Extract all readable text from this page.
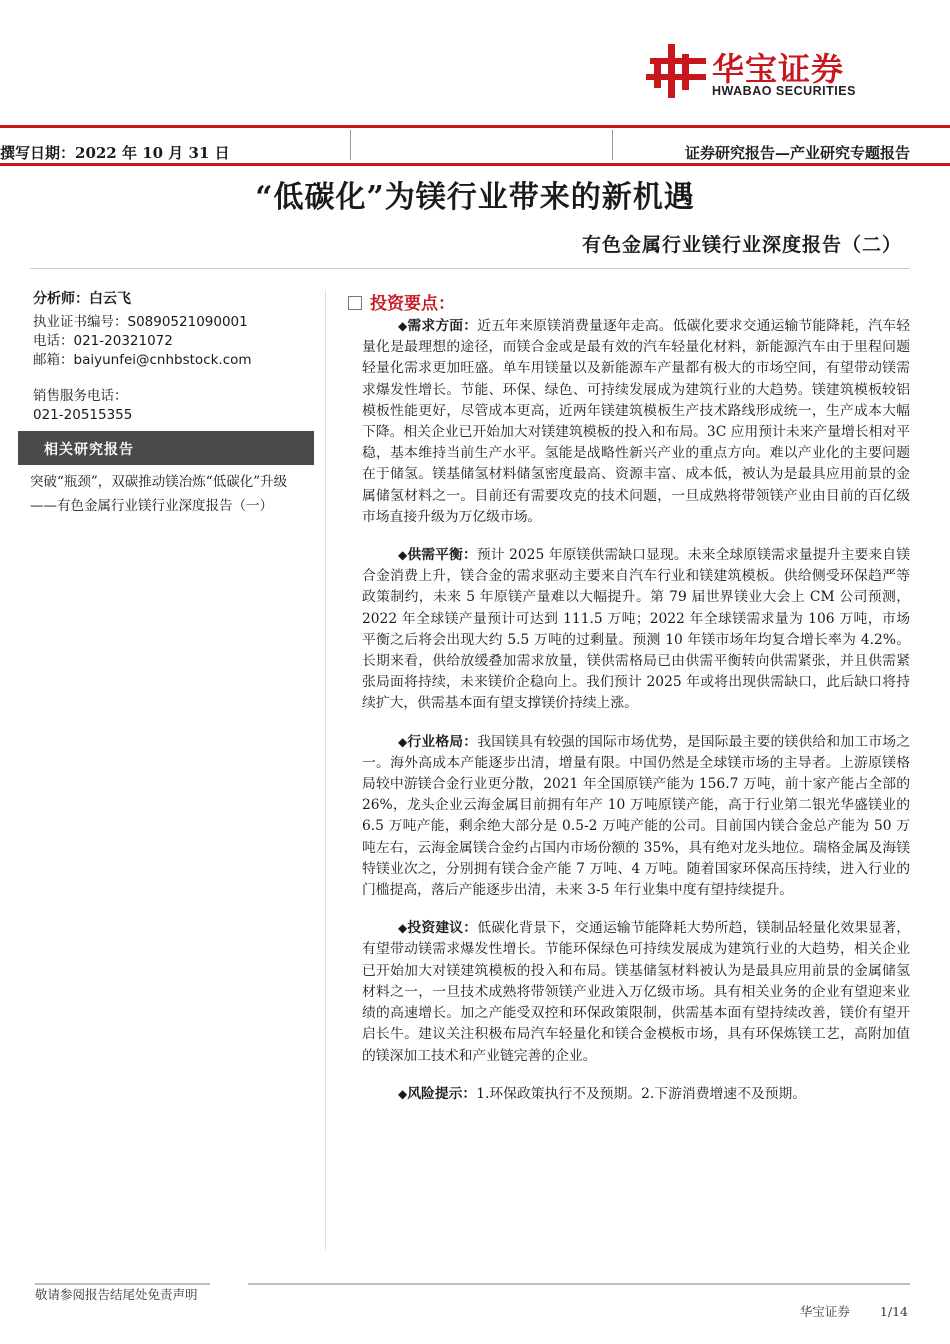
华宝证券
HWABAO SECURITIES
撰写日期：2022 年 10 月 31 日	证券研究报告—产业研究专题报告
“低碳化”为镁行业带来的新机遇
有色金属行业镁行业深度报告（二）
分析师：白云飞
执业证书编号：S0890521090001
电话：021-20321072
邮箱：baiyunfei@cnhbstock.com
销售服务电话：
021-20515355
相关研究报告
突破“瓶颈”，双碳推动镁冶炼“低碳化”升级——有色金属行业镁行业深度报告（一）
投资要点：

◆需求方面：近五年来原镁消费量逐年走高。低碳化要求交通运输节能降耗，汽车轻量化是最理想的途径，而镁合金或是最有效的汽车轻量化材料，新能源汽车由于里程问题轻量化需求更加旺盛。单车用镁量以及新能源车产量都有极大的市场空间，有望带动镁需求爆发性增长。节能、环保、绿色、可持续发展成为建筑行业的大趋势。镁建筑模板较铝模板性能更好，尽管成本更高，近两年镁建筑模板生产技术路线形成统一，生产成本大幅下降。相关企业已开始加大对镁建筑模板的投入和布局。3C 应用预计未来产量增长相对平稳，基本维持当前生产水平。氢能是战略性新兴产业的重点方向。难以产业化的主要问题在于储氢。镁基储氢材料储氢密度最高、资源丰富、成本低，被认为是最具应用前景的金属储氢材料之一。目前还有需要攻克的技术问题，一旦成熟将带领镁产业由目前的百亿级市场直接升级为万亿级市场。

◆供需平衡：预计 2025 年原镁供需缺口显现。未来全球原镁需求量提升主要来自镁合金消费上升，镁合金的需求驱动主要来自汽车行业和镁建筑模板。供给侧受环保趋严等政策制约，未来 5 年原镁产量难以大幅提升。第 79 届世界镁业大会上 CM 公司预测，2022 年全球镁产量预计可达到 111.5 万吨；2022 年全球镁需求量为 106 万吨，市场平衡之后将会出现大约 5.5 万吨的过剩量。预测 10 年镁市场年均复合增长率为 4.2%。长期来看，供给放缓叠加需求放量，镁供需格局已由供需平衡转向供需紧张，并且供需紧张局面将持续，未来镁价企稳向上。我们预计 2025 年或将出现供需缺口，此后缺口将持续扩大，供需基本面有望支撑镁价持续上涨。

◆行业格局：我国镁具有较强的国际市场优势，是国际最主要的镁供给和加工市场之一。海外高成本产能逐步出清，增量有限。中国仍然是全球镁市场的主导者。上游原镁格局较中游镁合金行业更分散，2021 年全国原镁产能为 156.7 万吨，前十家产能占全部的 26%，龙头企业云海金属目前拥有年产 10 万吨原镁产能，高于行业第二银光华盛镁业的 6.5 万吨产能，剩余绝大部分是 0.5-2 万吨产能的公司。目前国内镁合金总产能为 50 万吨左右，云海金属镁合金约占国内市场份额的 35%，具有绝对龙头地位。瑞格金属及海镁特镁业次之，分别拥有镁合金产能 7 万吨、4 万吨。随着国家环保高压持续，进入行业的门槛提高，落后产能逐步出清，未来 3-5 年行业集中度有望持续提升。

◆投资建议：低碳化背景下，交通运输节能降耗大势所趋，镁制品轻量化效果显著，有望带动镁需求爆发性增长。节能环保绿色可持续发展成为建筑行业的大趋势，相关企业已开始加大对镁建筑模板的投入和布局。镁基储氢材料被认为是最具应用前景的金属储氢材料之一，一旦技术成熟将带领镁产业进入万亿级市场。具有相关业务的企业有望迎来业绩的高速增长。加之产能受双控和环保政策限制，供需基本面有望持续改善，镁价有望开启长牛。建议关注积极布局汽车轻量化和镁合金模板市场，具有环保炼镁工艺，高附加值的镁深加工技术和产业链完善的企业。

◆风险提示：1.环保政策执行不及预期。2.下游消费增速不及预期。

敬请参阅报告结尾处免责声明
华宝证券 1/14
